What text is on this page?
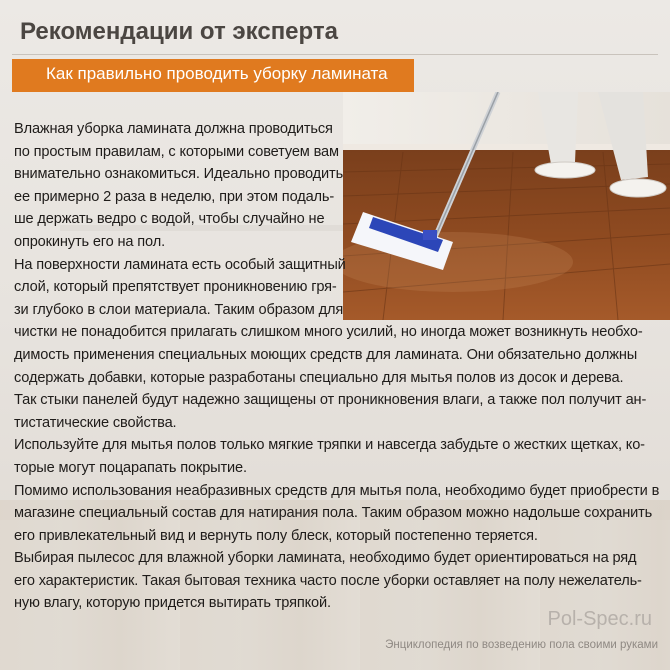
Рекомендации от эксперта
Как правильно проводить уборку ламината
Влажная уборка ламината должна проводиться
по простым правилам, с которыми советуем вам
внимательно ознакомиться. Идеально проводить
ее примерно 2 раза в неделю, при этом подаль-
ше держать ведро с водой, чтобы случайно не
опрокинуть его на пол.
На поверхности ламината есть особый защитный
слой, который препятствует проникновению гря-
зи глубоко в слои материала. Таким образом для
чистки не понадобится прилагать слишком много усилий, но иногда может возникнуть необхо-
димость применения специальных моющих средств для ламината. Они обязательно должны
содержать добавки, которые разработаны специально для мытья полов из досок и дерева.
Так стыки панелей будут надежно защищены от проникновения влаги, а также пол получит ан-
тистатические свойства.
Используйте для мытья полов только мягкие тряпки и навсегда забудьте о жестких щетках, ко-
торые могут поцарапать покрытие.
Помимо использования неабразивных средств для мытья пола, необходимо будет приобрести в
магазине специальный состав для натирания пола. Таким образом можно надольше сохранить
его привлекательный вид и вернуть полу блеск, который постепенно теряется.
Выбирая пылесос для влажной уборки ламината, необходимо будет ориентироваться на ряд
его характеристик. Такая бытовая техника часто после уборки оставляет на полу нежелатель-
ную влагу, которую придется вытирать тряпкой.
Pol-Spec.ru
Энциклопедия по возведению пола своими руками
